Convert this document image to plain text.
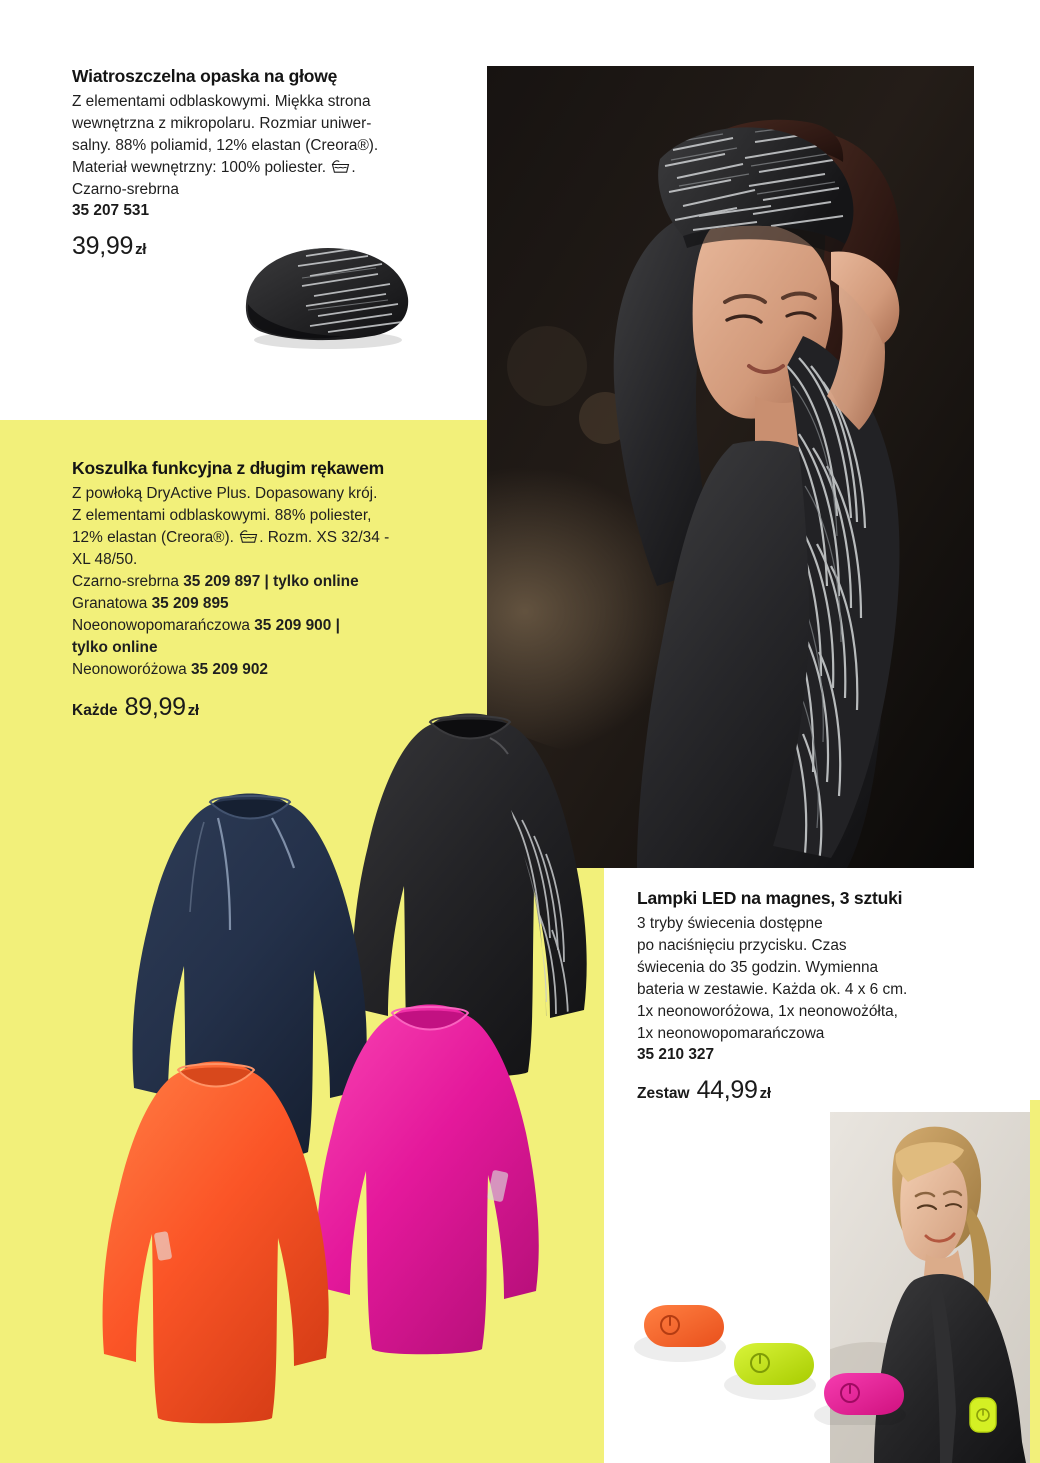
Wiatroszczelna opaska na głowę
Z elementami odblaskowymi. Miękka strona
wewnętrzna z mikropolaru. Rozmiar uniwer-
salny. 88% poliamid, 12% elastan (Creora®).
Materiał wewnętrzny: 100% poliester. .
Czarno-srebrna
35 207 531
39,99 zł
Koszulka funkcyjna z długim rękawem
Z powłoką DryActive Plus. Dopasowany krój.
Z elementami odblaskowymi. 88% poliester,
12% elastan (Creora®). . Rozm. XS 32/34 -
XL 48/50.
Czarno-srebrna 35 209 897 | tylko online
Granatowa 35 209 895
Noeonowopomarańczowa 35 209 900 |
tylko online
Neonoworóżowa 35 209 902
Każde 89,99 zł
Lampki LED na magnes, 3 sztuki
3 tryby świecenia dostępne
po naciśnięciu przycisku. Czas
świecenia do 35 godzin. Wymienna
bateria w zestawie. Każda ok. 4 x 6 cm.
1x neonoworóżowa, 1x neonowożółta,
1x neonowopomarańczowa
35 210 327
Zestaw 44,99 zł
